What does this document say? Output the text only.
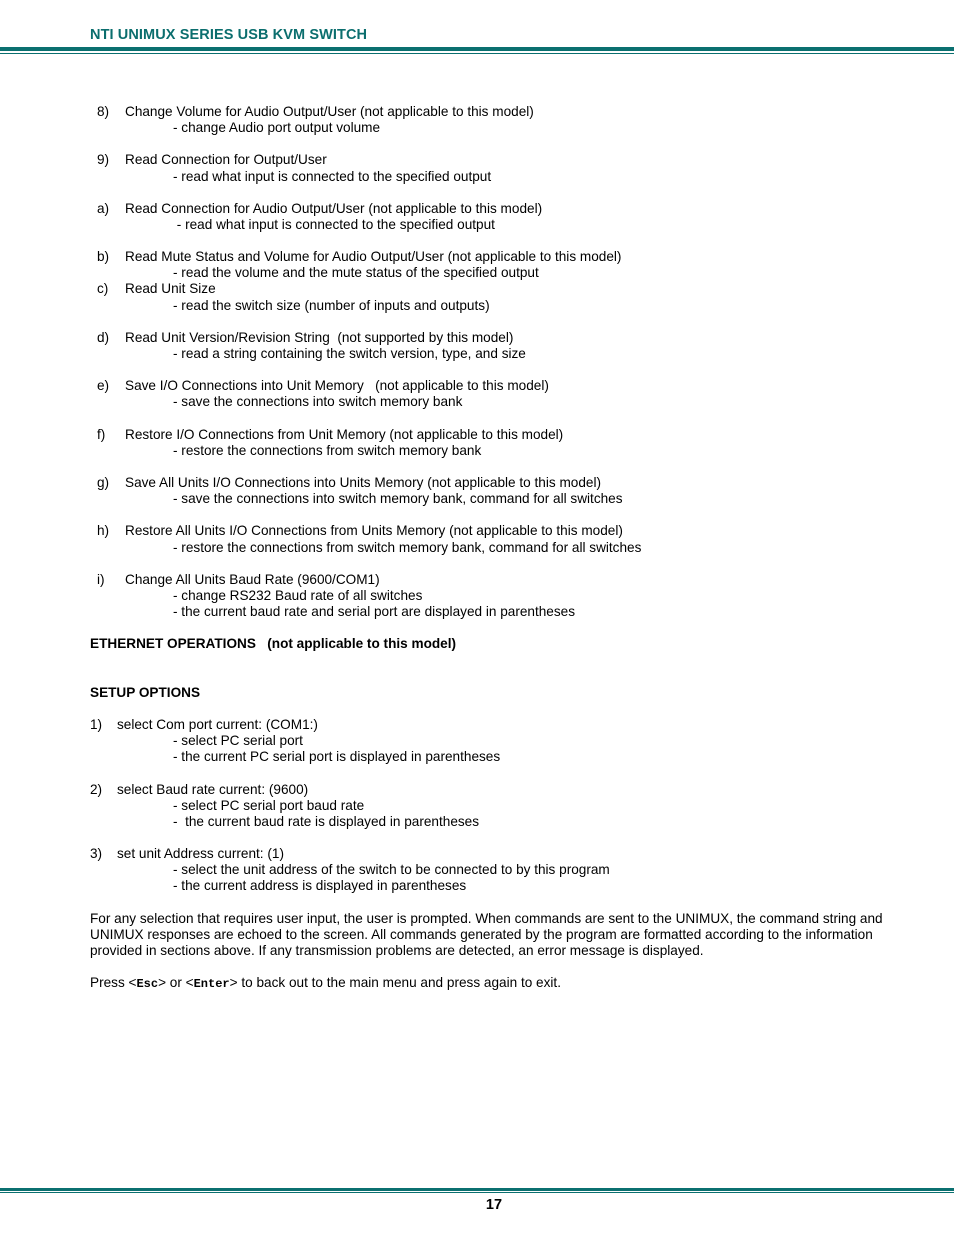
NTI UNIMUX SERIES USB KVM SWITCH
8) Change Volume for Audio Output/User (not applicable to this model)
- change Audio port output volume
9) Read Connection for Output/User
- read what input is connected to the specified output
a) Read Connection for Audio Output/User (not applicable to this model)
- read what input is connected to the specified output
b) Read Mute Status and Volume for Audio Output/User (not applicable to this model)
- read the volume and the mute status of the specified output
c) Read Unit Size
- read the switch size (number of inputs and outputs)
d) Read Unit Version/Revision String  (not supported by this model)
- read a string containing the switch version, type, and size
e) Save I/O Connections into Unit Memory   (not applicable to this model)
- save the connections into switch memory bank
f) Restore I/O Connections from Unit Memory (not applicable to this model)
- restore the connections from switch memory bank
g) Save All Units I/O Connections into Units Memory (not applicable to this model)
- save the connections into switch memory bank, command for all switches
h) Restore All Units I/O Connections from Units Memory (not applicable to this model)
- restore the connections from switch memory bank, command for all switches
i) Change All Units Baud Rate (9600/COM1)
- change RS232 Baud rate of all switches
- the current baud rate and serial port are displayed in parentheses
ETHERNET OPERATIONS   (not applicable to this model)
SETUP OPTIONS
1) select Com port current: (COM1:)
- select PC serial port
- the current PC serial port is displayed in parentheses
2) select Baud rate current: (9600)
- select PC serial port baud rate
-  the current baud rate is displayed in parentheses
3) set unit Address current: (1)
- select the unit address of the switch to be connected to by this program
- the current address is displayed in parentheses
For any selection that requires user input, the user is prompted. When commands are sent to the UNIMUX, the command string and UNIMUX responses are echoed to the screen. All commands generated by the program are formatted according to the information provided in sections above. If any transmission problems are detected, an error message is displayed.
Press <Esc> or <Enter> to back out to the main menu and press again to exit.
17
